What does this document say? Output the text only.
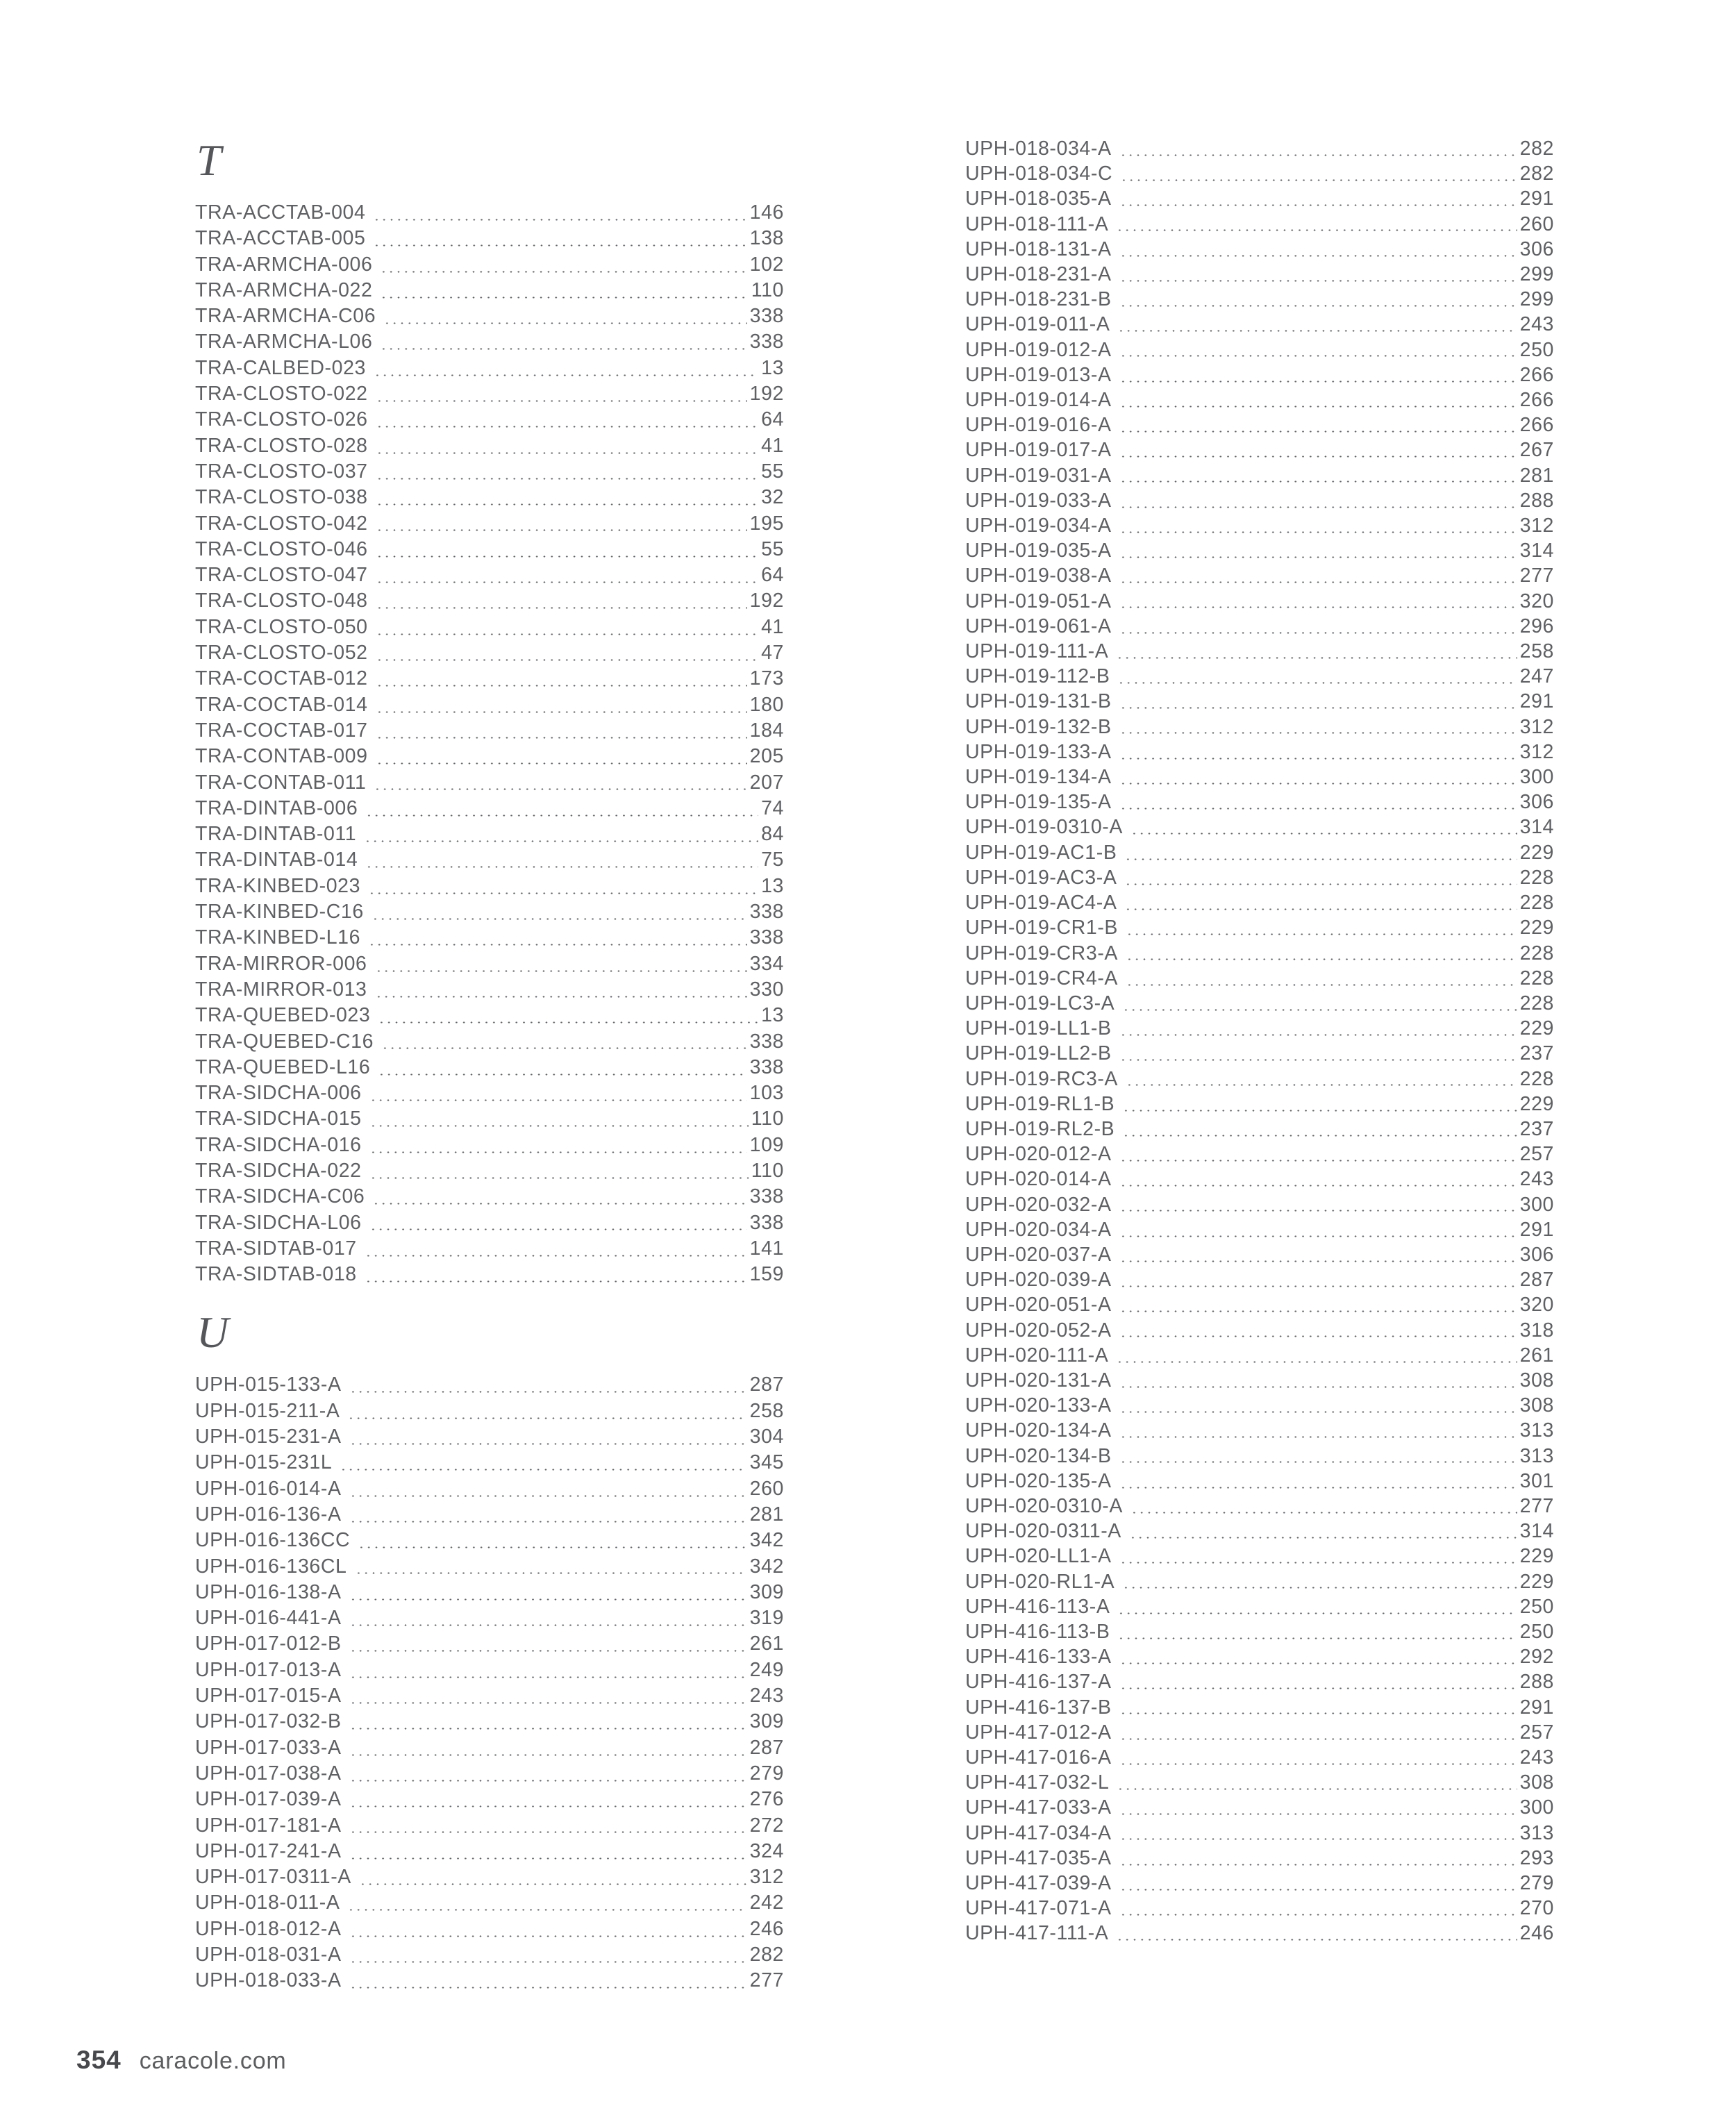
T
TRA-ACCTAB-004	146
TRA-ACCTAB-005	138
TRA-ARMCHA-006	102
TRA-ARMCHA-022	110
TRA-ARMCHA-C06	338
TRA-ARMCHA-L06	338
TRA-CALBED-023	13
TRA-CLOSTO-022	192
TRA-CLOSTO-026	64
TRA-CLOSTO-028	41
TRA-CLOSTO-037	55
TRA-CLOSTO-038	32
TRA-CLOSTO-042	195
TRA-CLOSTO-046	55
TRA-CLOSTO-047	64
TRA-CLOSTO-048	192
TRA-CLOSTO-050	41
TRA-CLOSTO-052	47
TRA-COCTAB-012	173
TRA-COCTAB-014	180
TRA-COCTAB-017	184
TRA-CONTAB-009	205
TRA-CONTAB-011	207
TRA-DINTAB-006	74
TRA-DINTAB-011	84
TRA-DINTAB-014	75
TRA-KINBED-023	13
TRA-KINBED-C16	338
TRA-KINBED-L16	338
TRA-MIRROR-006	334
TRA-MIRROR-013	330
TRA-QUEBED-023	13
TRA-QUEBED-C16	338
TRA-QUEBED-L16	338
TRA-SIDCHA-006	103
TRA-SIDCHA-015	110
TRA-SIDCHA-016	109
TRA-SIDCHA-022	110
TRA-SIDCHA-C06	338
TRA-SIDCHA-L06	338
TRA-SIDTAB-017	141
TRA-SIDTAB-018	159
U
UPH-015-133-A	287
UPH-015-211-A	258
UPH-015-231-A	304
UPH-015-231L	345
UPH-016-014-A	260
UPH-016-136-A	281
UPH-016-136CC	342
UPH-016-136CL	342
UPH-016-138-A	309
UPH-016-441-A	319
UPH-017-012-B	261
UPH-017-013-A	249
UPH-017-015-A	243
UPH-017-032-B	309
UPH-017-033-A	287
UPH-017-038-A	279
UPH-017-039-A	276
UPH-017-181-A	272
UPH-017-241-A	324
UPH-017-0311-A	312
UPH-018-011-A	242
UPH-018-012-A	246
UPH-018-031-A	282
UPH-018-033-A	277
UPH-018-034-A	282
UPH-018-034-C	282
UPH-018-035-A	291
UPH-018-111-A	260
UPH-018-131-A	306
UPH-018-231-A	299
UPH-018-231-B	299
UPH-019-011-A	243
UPH-019-012-A	250
UPH-019-013-A	266
UPH-019-014-A	266
UPH-019-016-A	266
UPH-019-017-A	267
UPH-019-031-A	281
UPH-019-033-A	288
UPH-019-034-A	312
UPH-019-035-A	314
UPH-019-038-A	277
UPH-019-051-A	320
UPH-019-061-A	296
UPH-019-111-A	258
UPH-019-112-B	247
UPH-019-131-B	291
UPH-019-132-B	312
UPH-019-133-A	312
UPH-019-134-A	300
UPH-019-135-A	306
UPH-019-0310-A	314
UPH-019-AC1-B	229
UPH-019-AC3-A	228
UPH-019-AC4-A	228
UPH-019-CR1-B	229
UPH-019-CR3-A	228
UPH-019-CR4-A	228
UPH-019-LC3-A	228
UPH-019-LL1-B	229
UPH-019-LL2-B	237
UPH-019-RC3-A	228
UPH-019-RL1-B	229
UPH-019-RL2-B	237
UPH-020-012-A	257
UPH-020-014-A	243
UPH-020-032-A	300
UPH-020-034-A	291
UPH-020-037-A	306
UPH-020-039-A	287
UPH-020-051-A	320
UPH-020-052-A	318
UPH-020-111-A	261
UPH-020-131-A	308
UPH-020-133-A	308
UPH-020-134-A	313
UPH-020-134-B	313
UPH-020-135-A	301
UPH-020-0310-A	277
UPH-020-0311-A	314
UPH-020-LL1-A	229
UPH-020-RL1-A	229
UPH-416-113-A	250
UPH-416-113-B	250
UPH-416-133-A	292
UPH-416-137-A	288
UPH-416-137-B	291
UPH-417-012-A	257
UPH-417-016-A	243
UPH-417-032-L	308
UPH-417-033-A	300
UPH-417-034-A	313
UPH-417-035-A	293
UPH-417-039-A	279
UPH-417-071-A	270
UPH-417-111-A	246
354 caracole.com
